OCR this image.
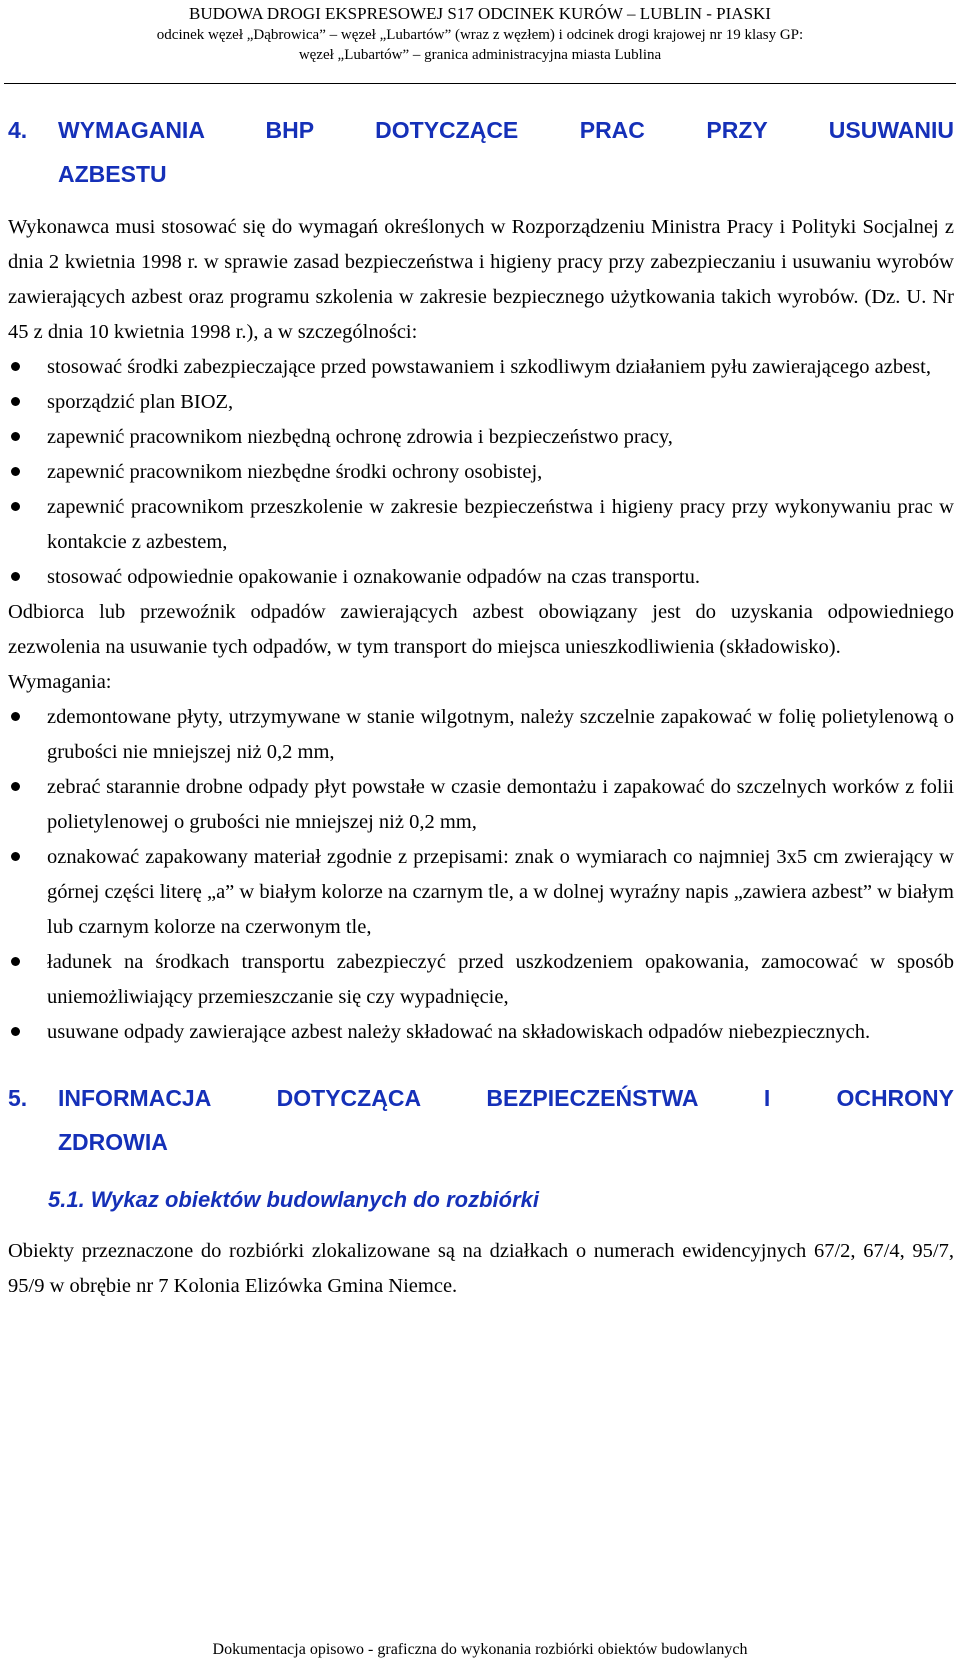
BUDOWA DROGI EKSPRESOWEJ S17 ODCINEK KURÓW – LUBLIN - PIASKI
odcinek węzeł „Dąbrowica” – węzeł „Lubartów” (wraz z węzłem) i odcinek drogi krajowej nr 19 klasy GP:
węzeł „Lubartów” – granica administracyjna miasta Lublina
4.	WYMAGANIA BHP DOTYCZĄCE PRAC PRZY USUWANIU
AZBESTU

Wykonawca musi stosować się do wymagań określonych w Rozporządzeniu Ministra Pracy i Polityki Socjalnej z dnia 2 kwietnia 1998 r. w sprawie zasad bezpieczeństwa i higieny pracy przy zabezpieczaniu i usuwaniu wyrobów zawierających azbest oraz programu szkolenia w zakresie bezpiecznego użytkowania takich wyrobów. (Dz. U. Nr 45 z dnia 10 kwietnia 1998 r.), a w szczególności:

stosować środki zabezpieczające przed powstawaniem i szkodliwym działaniem pyłu zawierającego azbest,
sporządzić plan BIOZ,
zapewnić pracownikom niezbędną ochronę zdrowia i bezpieczeństwo pracy,
zapewnić pracownikom niezbędne środki ochrony osobistej,
zapewnić pracownikom przeszkolenie w zakresie bezpieczeństwa i higieny pracy przy wykonywaniu prac w kontakcie z azbestem,
stosować odpowiednie opakowanie i oznakowanie odpadów na czas transportu.

Odbiorca lub przewoźnik odpadów zawierających azbest obowiązany jest do uzyskania odpowiedniego zezwolenia na usuwanie tych odpadów, w tym transport do miejsca unieszkodliwienia (składowisko).

Wymagania:

zdemontowane płyty, utrzymywane w stanie wilgotnym, należy szczelnie zapakować w folię polietylenową o grubości nie mniejszej niż 0,2 mm,
zebrać starannie drobne odpady płyt powstałe w czasie demontażu i zapakować do szczelnych worków z folii polietylenowej o grubości nie mniejszej niż 0,2 mm,
oznakować zapakowany materiał zgodnie z przepisami: znak o wymiarach co najmniej 3x5 cm zwierający w górnej części literę „a” w białym kolorze na czarnym tle, a w dolnej wyraźny napis „zawiera azbest” w białym lub czarnym kolorze na czerwonym tle,
ładunek na środkach transportu zabezpieczyć przed uszkodzeniem opakowania, zamocować w sposób uniemożliwiający przemieszczanie się czy wypadnięcie,
usuwane odpady zawierające azbest należy składować na składowiskach odpadów niebezpiecznych.
5.	INFORMACJA DOTYCZĄCA BEZPIECZEŃSTWA I OCHRONY
ZDROWIA
5.1. Wykaz obiektów budowlanych do rozbiórki

Obiekty przeznaczone do rozbiórki zlokalizowane są na działkach o numerach ewidencyjnych 67/2, 67/4, 95/7, 95/9 w obrębie nr 7 Kolonia Elizówka Gmina Niemce.

Dokumentacja opisowo - graficzna do wykonania rozbiórki obiektów budowlanych
